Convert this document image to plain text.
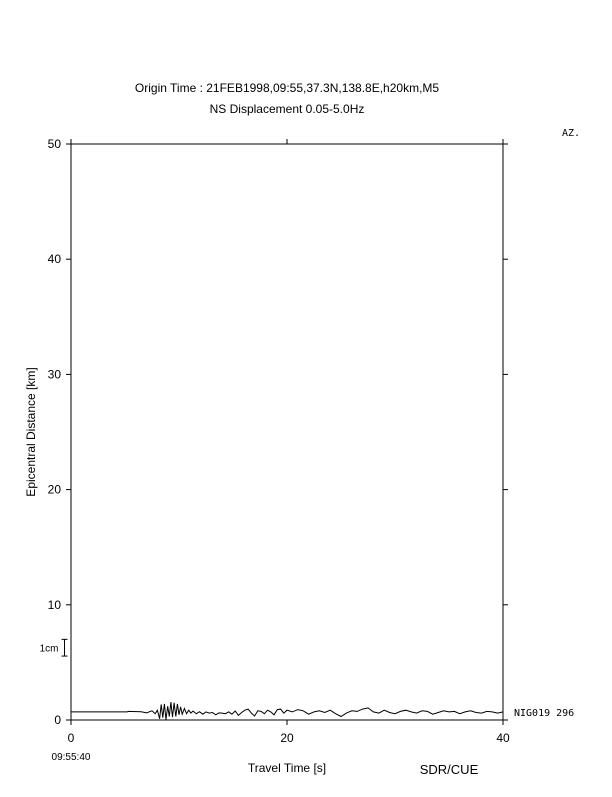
Origin Time : 21FEB1998,09:55,37.3N,138.8E,h20km,M5
NS Displacement 0.05-5.0Hz
AZ.
0
10
20
30
40
50
0	20	40
Epicentral Distance [km]
Travel Time [s]
09:55:40
SDR/CUE
1cm
NIG019 296
